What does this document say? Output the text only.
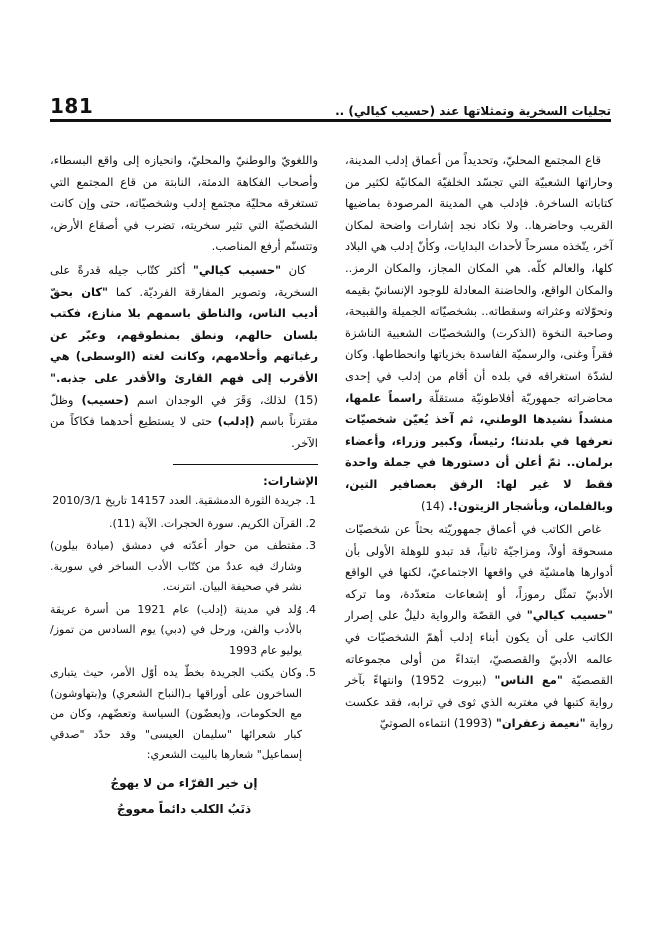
181	تجليات السخرية وتمثلاتها عند (حسيب كيالي) ..

قاع المجتمع المحليّ، وتحديداً من أعماق إدلب المدينة، وحاراتها الشعبيّة التي تجسّد الخلفيّة المكانيّة لكثير من كتاباته الساخرة. فإدلب هي المدينة المرصودة بماضيها القريب وحاضرها.. ولا نكاد نجد إشارات واضحة لمكان آخر، يتّخذه مسرحاً لأحداث البدايات، وكأنّ إدلب هي البلاد كلها، والعالم كلّه. هي المكان المجاز، والمكان الرمز.. والمكان الواقع، والحاضنة المعادلة للوجود الإنسانيّ بقيمه وتحوّلاته وعثراته وسقطاته.. بشخصيّاته الجميلة والقبيحة، وصاحبة النخوة (الذكرت) والشخصيّات الشعبية الناشزة فقراً وغنى، والرسميّة الفاسدة بخزياتها وانحطاطها. وكان لشدّة استغراقه في بلده أن أقام من إدلب في إحدى محاضراته جمهوريّة أفلاطونيّة مستقلّة راسماً علمها، منشداً نشيدها الوطني، ثم آخذ يُعيّن شخصيّات نعرفها في بلدتنا؛ رئيساً، وكبير وزراء، وأعضاء برلمان.. ثمّ أعلن أن دستورها في جملة واحدة فقط لا غير لها: الرفق بعصافير التين، وبالفلمان، وبأشجار الزيتون!. (14)

غاص الكاتب في أعماق جمهوريّته بحثاً عن شخصيّات مسحوقة أولاً، ومزاجيّة ثانياً، قد تبدو للوهلة الأولى بأن أدوارها هامشيّة في واقعها الاجتماعيّ، لكنها في الواقع الأدبيّ تمثّل رموزاً، أو إشعاعات متعدّدة، وما تركه "حسيب كيالي" في القصّة والرواية دليلٌ على إصرار الكاتب على أن يكون أبناء إدلب أهمّ الشخصيّات في عالمه الأدبيّ والقصصيّ، ابتداءً من أولى مجموعاته القصصيّة "مع الناس" (بيروت 1952) وانتهاءً بآخر رواية كتبها في مغتربه الذي ثوى في ترابه، فقد عكست رواية "نعيمة زعفران" (1993) انتماءه الصوتيّ

واللغويّ والوطنيّ والمحليّ، وانحيازه إلى واقع البسطاء، وأصحاب الفكاهة الدمثة، النابتة من قاع المجتمع التي تستغرقه محليّة مجتمع إدلب وشخصيّاته، حتى وإن كانت الشخصيّة التي تثير سخريته، تضرب في أصقاع الأرض، وتتسنّم أرفع المناصب.

كان "حسيب كيالي" أكثر كتّاب جيله قدرةً على السخرية، وتصوير المفارقة الفرديّة. كما "كان بحقّ أديب الناس، والناطق باسمهم بلا منازع، فكتب بلسان حالهم، ونطق بمنطوقهم، وعبّر عن رغباتهم وأحلامهم، وكانت لغته (الوسطى) هي الأقرب إلى فهم القارئ والأقدر على جذبه." (15) لذلك، وَقَرَ في الوجدان اسم (حسيب) وظلّ مقترناً باسم (إدلب) حتى لا يستطيع أحدهما فكاكاً من الآخر.

الإشارات:
1. جريدة الثورة الدمشقية. العدد 14157 تاريخ 2010/3/1
2. القرآن الكريم. سورة الحجرات. الآية (11).
3. مقتطف من حوار أعدّته في دمشق (ميادة بيلون) وشارك فيه عددٌ من كتّاب الأدب الساخر في سورية. نشر في صحيفة البيان. انترنت.
4. وُلد في مدينة (إدلب) عام 1921 من أسرة عريقة بالأدب والفن، ورحل في (دبي) يوم السادس من تموز/ يوليو عام 1993
5. وكان يكتب الجريدة بخطّ يده أوّل الأمر، حيث يتبارى الساخرون على أوراقها بـ(النباح الشعري) و(بتهاوشون) مع الحكومات، و(يعضّون) السياسة وتعضّهم، وكان من كبار شعرائها "سليمان العيسى" وقد حدّد "صدقي إسماعيل" شعارها بالبيت الشعري:
إن خير القرّاء من لا يهوجُ
ذنَبُ الكلب دائماً معووجُ
